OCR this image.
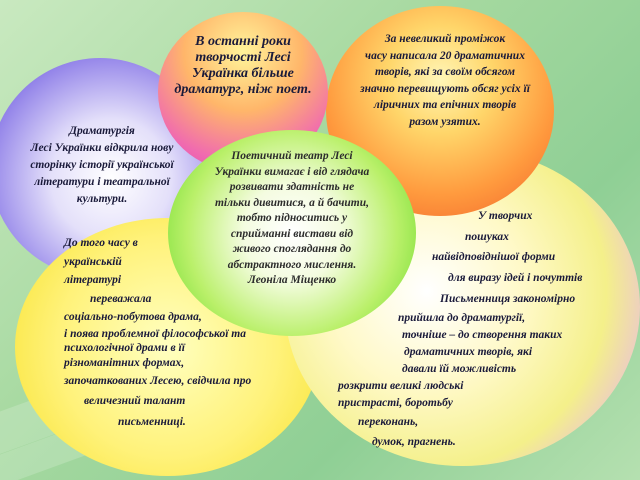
В останні роки
творчості Лесі
Українка більше
драматург, ніж поет.
За невеликий проміжок
часу написала 20 драматичних
творів, які за своїм обсягом
значно перевищують обсяг усіх її
ліричних та епічних творів
разом узятих.
Драматургія
Лесі Українки відкрила нову
сторінку історії української
літератури і театральної
культури.
Поетичний театр Лесі
Українки вимагає і від глядача
розвивати здатність не
тільки дивитися, а й бачити,
тобто підноситись у
сприйманні вистави від
живого споглядання до
абстрактного мислення.
Леоніла Міщенко
До того часу в
українській
літературі
переважала
соціально-побутова драма,
і поява проблемної філософської та
психологічної драми в її
різноманітних формах,
започаткованих Лесею, свідчила про
величезний талант
письменниці.
У творчих
пошуках
найвідповіднішої форми
для виразу ідей і почуттів
Письменниця закономірно
прийшла до драматургії,
точніше – до створення таких
драматичних творів, які
давали їй можливість
розкрити великі людські
пристрасті, боротьбу
переконань,
думок, прагнень.
